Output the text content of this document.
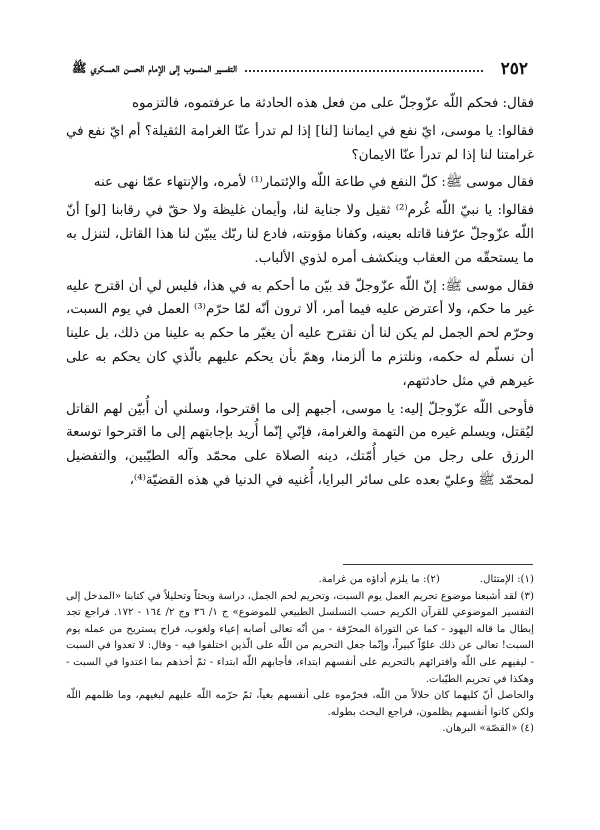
٢٥٢
التفسير المنسوب إلى الإمام الحسن العسكري ﷺ

فقال: فحكم اللّه عزّوجلّ على من فعل هذه الحادثة ما عرفتموه، فالتزموه

فقالوا: يا موسى، ايّ نفع في ايماننا [لنا] إذا لم تدرأ عنّا الغرامة الثقيلة؟ أم ايّ نفع في غرامتنا لنا إذا لم تدرأ عنّا الايمان؟

فقال موسى ﷺ: كلّ النفع في طاعة اللّه والإئتمار⁽¹⁾ لأمره، والإنتهاء عمّا نهى عنه

فقالوا: يا نبيّ اللّه غُرم⁽²⁾ ثقيل ولا جناية لنا، وأيمان غليظة ولا حقّ في رقابنا [لو] أنّ اللّه عزّوجلّ عرّفنا قاتله بعينه، وكفانا مؤونته، فادع لنا ربّك يبيّن لنا هذا القاتل، لتنزل به ما يستحقّه من العقاب وينكشف أمره لذوي الألباب.

فقال موسى ﷺ: إنّ اللّه عزّوجلّ قد بيّن ما أحكم به في هذا، فليس لي أن اقترح عليه غير ما حكم، ولا أعترض عليه فيما أمر، ألا ترون أنّه لمّا حرّم⁽³⁾ العمل في يوم السبت، وحرّم لحم الجمل لم يكن لنا أن نقترح عليه أن يغيّر ما حكم به علينا من ذلك، بل علينا أن نسلّم له حكمه، ونلتزم ما ألزمنا، وهمّ بأن يحكم عليهم بالّذي كان يحكم به على غيرهم في مثل حادثتهم،

فأوحى اللّه عزّوجلّ إليه: يا موسى، أجبهم إلى ما اقترحوا، وسلني أن أُبيّن لهم القاتل ليُقتل، ويسلم غيره من التهمة والغرامة، فإنّي إنّما أُريد بإجابتهم إلى ما اقترحوا توسعة الرزق على رجل من خيار أُمّتك، دينه الصلاة على محمّد وآله الطيّبين، والتفضيل لمحمّد ﷺ وعليّ بعده على سائر البرايا، أُغنيه في الدنيا في هذه القضيّة⁽⁴⁾،

(١): الإمتثال.
(٢): ما يلزم أداؤه من غرامة.

(٣) لقد أشبعنا موضوع تحريم العمل يوم السبت، وتحريم لحم الجمل، دراسة وبحثاً وتحليلاً في كتابنا «المدخل إلى التفسير الموضوعي للقرآن الكريم حسب التسلسل الطبيعي للموضوع» ج ١/ ٣٦ وج ٢/ ١٦٤ - ١٧٢. فراجع تجد إبطال ما قاله اليهود - كما عن التوراة المحرّفة - من أنّه تعالى أصابه إعياء ولغوب، فراح يستريح من عمله يوم السبت! تعالى عن ذلك علوّاً كبيراً، وإنّما جعل التحريم من اللّه على الّذين اختلفوا فيه - وقال: لا تعدوا في السبت - ليفيهم على اللّه وافترائهم بالتحريم على أنفسهم ابتداء، فأجابهم اللّه ابتداء - ثمّ أخذهم بما اعتدوا في السبت - وهكذا في تحريم الطيّبات.

والحاصل أنّ كليهما كان حلالاً من اللّه، فحرّموه على أنفسهم بغياً، ثمّ حرّمه اللّه عليهم لبغيهم، وما ظلمهم اللّه ولكن كانوا أنفسهم يظلمون، فراجع البحث بطوله.

(٤) «القصّة» البرهان.
